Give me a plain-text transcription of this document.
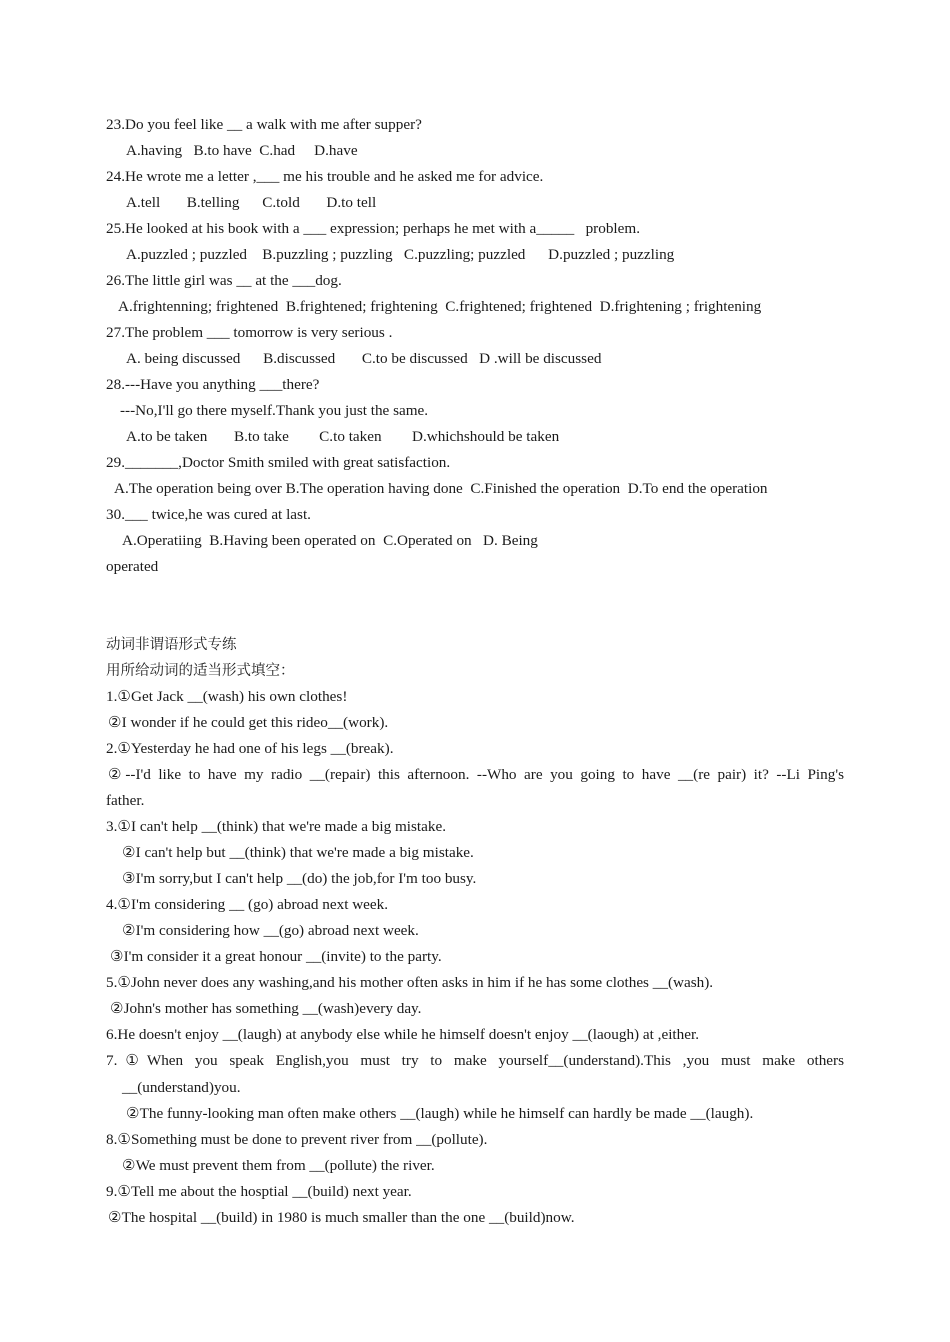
23.Do you feel like __ a walk with me after supper?
A.having   B.to have  C.had     D.have
24.He wrote me a letter ,___ me his trouble and he asked me for advice.
A.tell       B.telling      C.told       D.to tell
25.He looked at his book with a ___ expression; perhaps he met with a_____   problem.
A.puzzled ; puzzled    B.puzzling ; puzzling   C.puzzling; puzzled      D.puzzled ; puzzling
26.The little girl was __ at the ___dog.
A.frightenning; frightened  B.frightened; frightening  C.frightened; frightened  D.frightening ; frightening
27.The problem ___ tomorrow is very serious .
A. being discussed      B.discussed       C.to be discussed   D .will be discussed
28.---Have you anything ___there?
---No,I'll go there myself.Thank you just the same.
A.to be taken       B.to take        C.to taken        D.whichshould be taken
29._______,Doctor Smith smiled with great satisfaction.
A.The operation being over B.The operation having done  C.Finished the operation  D.To end the operation
30.___ twice,he was cured at last.
A.Operatiing  B.Having been operated on  C.Operated on   D. Being
operated
动词非谓语形式专练
用所给动词的适当形式填空：
1.①Get Jack __(wash) his own clothes!
②I wonder if he could get this rideo__(work).
2.①Yesterday he had one of his legs __(break).
②--I'd like to have my radio __(repair) this afternoon. --Who are you going to have __(re pair) it? --Li Ping's
father.
3.①I can't help __(think) that we're made a big mistake.
②I can't help but __(think) that we're made a big mistake.
③I'm sorry,but I can't help __(do) the job,for I'm too busy.
4.①I'm considering __ (go) abroad next week.
②I'm considering how __(go) abroad next week.
③I'm consider it a great honour __(invite) to the party.
5.①John never does any washing,and his mother often asks in him if he has some clothes __(wash).
②John's mother has something __(wash)every day.
6.He doesn't enjoy __(laugh) at anybody else while he himself doesn't enjoy __(laough) at ,either.
7.①When you speak English,you must try to make yourself__(understand).This ,you must make others
__(understand)you.
②The funny-looking man often make others __(laugh) while he himself can hardly be made __(laugh).
8.①Something must be done to prevent river from __(pollute).
②We must prevent them from __(pollute) the river.
9.①Tell me about the hosptial __(build) next year.
②The hospital __(build) in 1980 is much smaller than the one __(build)now.
